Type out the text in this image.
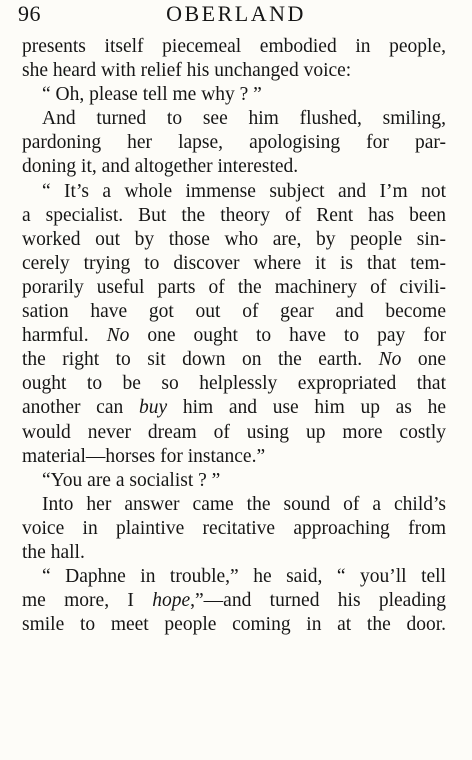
96	OBERLAND
presents itself piecemeal embodied in people,
she heard with relief his unchanged voice:
“ Oh, please tell me why ? ”
And turned to see him flushed, smiling,
pardoning her lapse, apologising for par-
doning it, and altogether interested.
“ It’s a whole immense subject and I’m not
a specialist. But the theory of Rent has been
worked out by those who are, by people sin-
cerely trying to discover where it is that tem-
porarily useful parts of the machinery of civili-
sation have got out of gear and become
harmful. No one ought to have to pay for
the right to sit down on the earth. No one
ought to be so helplessly expropriated that
another can buy him and use him up as he
would never dream of using up more costly
material—horses for instance.”
“You are a socialist ? ”
Into her answer came the sound of a child’s
voice in plaintive recitative approaching from
the hall.
“ Daphne in trouble,” he said, “ you’ll tell
me more, I hope,”—and turned his pleading
smile to meet people coming in at the door.
